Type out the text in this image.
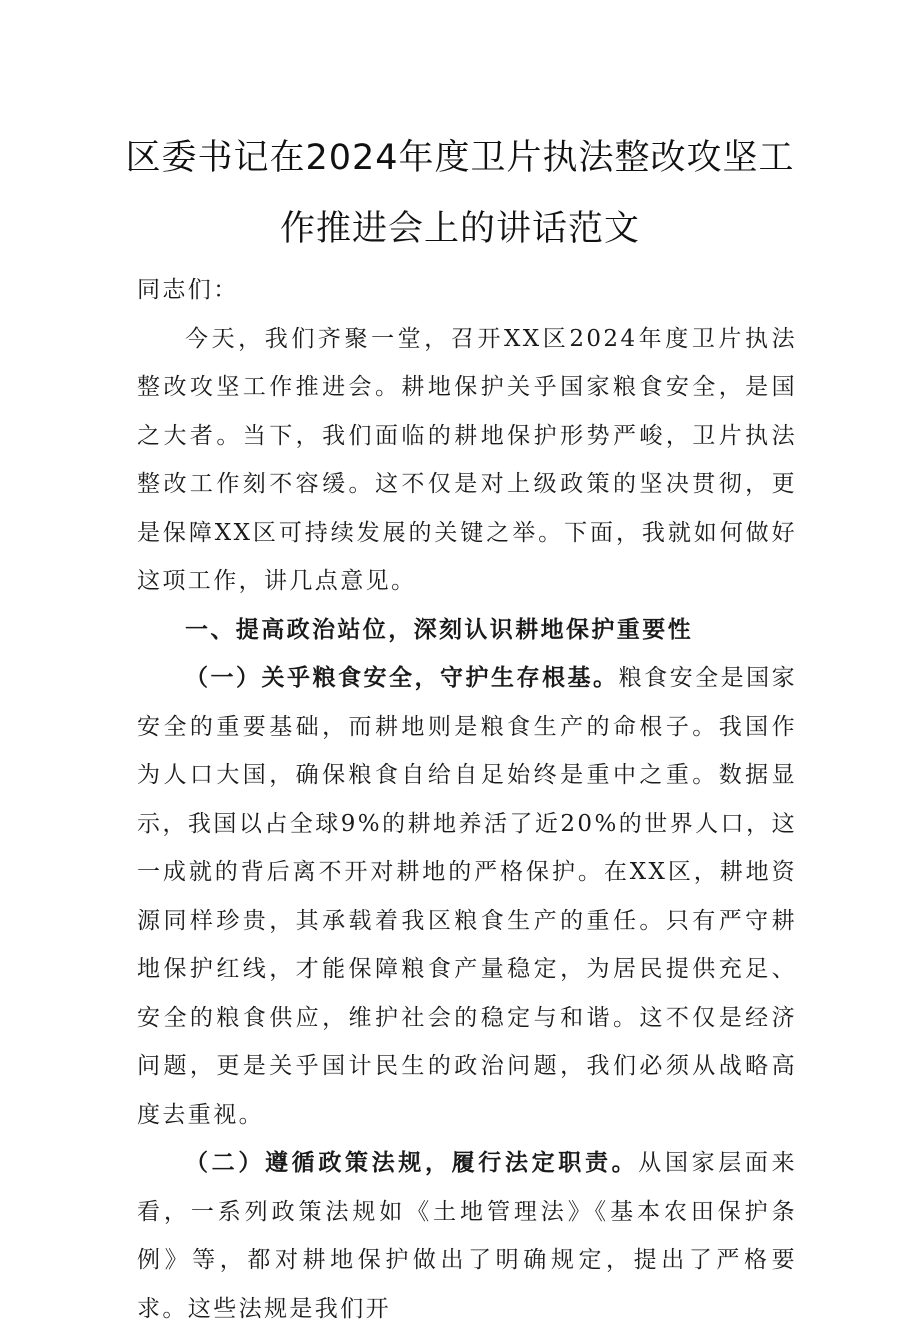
区委书记在2024年度卫片执法整改攻坚工
作推进会上的讲话范文

同志们：

今天，我们齐聚一堂，召开XX区2024年度卫片执法整改攻坚工作推进会。耕地保护关乎国家粮食安全，是国之大者。当下，我们面临的耕地保护形势严峻，卫片执法整改工作刻不容缓。这不仅是对上级政策的坚决贯彻，更是保障XX区可持续发展的关键之举。下面，我就如何做好这项工作，讲几点意见。

一、提高政治站位，深刻认识耕地保护重要性

（一）关乎粮食安全，守护生存根基。粮食安全是国家安全的重要基础，而耕地则是粮食生产的命根子。我国作为人口大国，确保粮食自给自足始终是重中之重。数据显示，我国以占全球9%的耕地养活了近20%的世界人口，这一成就的背后离不开对耕地的严格保护。在XX区，耕地资源同样珍贵，其承载着我区粮食生产的重任。只有严守耕地保护红线，才能保障粮食产量稳定，为居民提供充足、安全的粮食供应，维护社会的稳定与和谐。这不仅是经济问题，更是关乎国计民生的政治问题，我们必须从战略高度去重视。

（二）遵循政策法规，履行法定职责。从国家层面来看，一系列政策法规如《土地管理法》《基本农田保护条例》等，都对耕地保护做出了明确规定，提出了严格要求。这些法规是我们开
